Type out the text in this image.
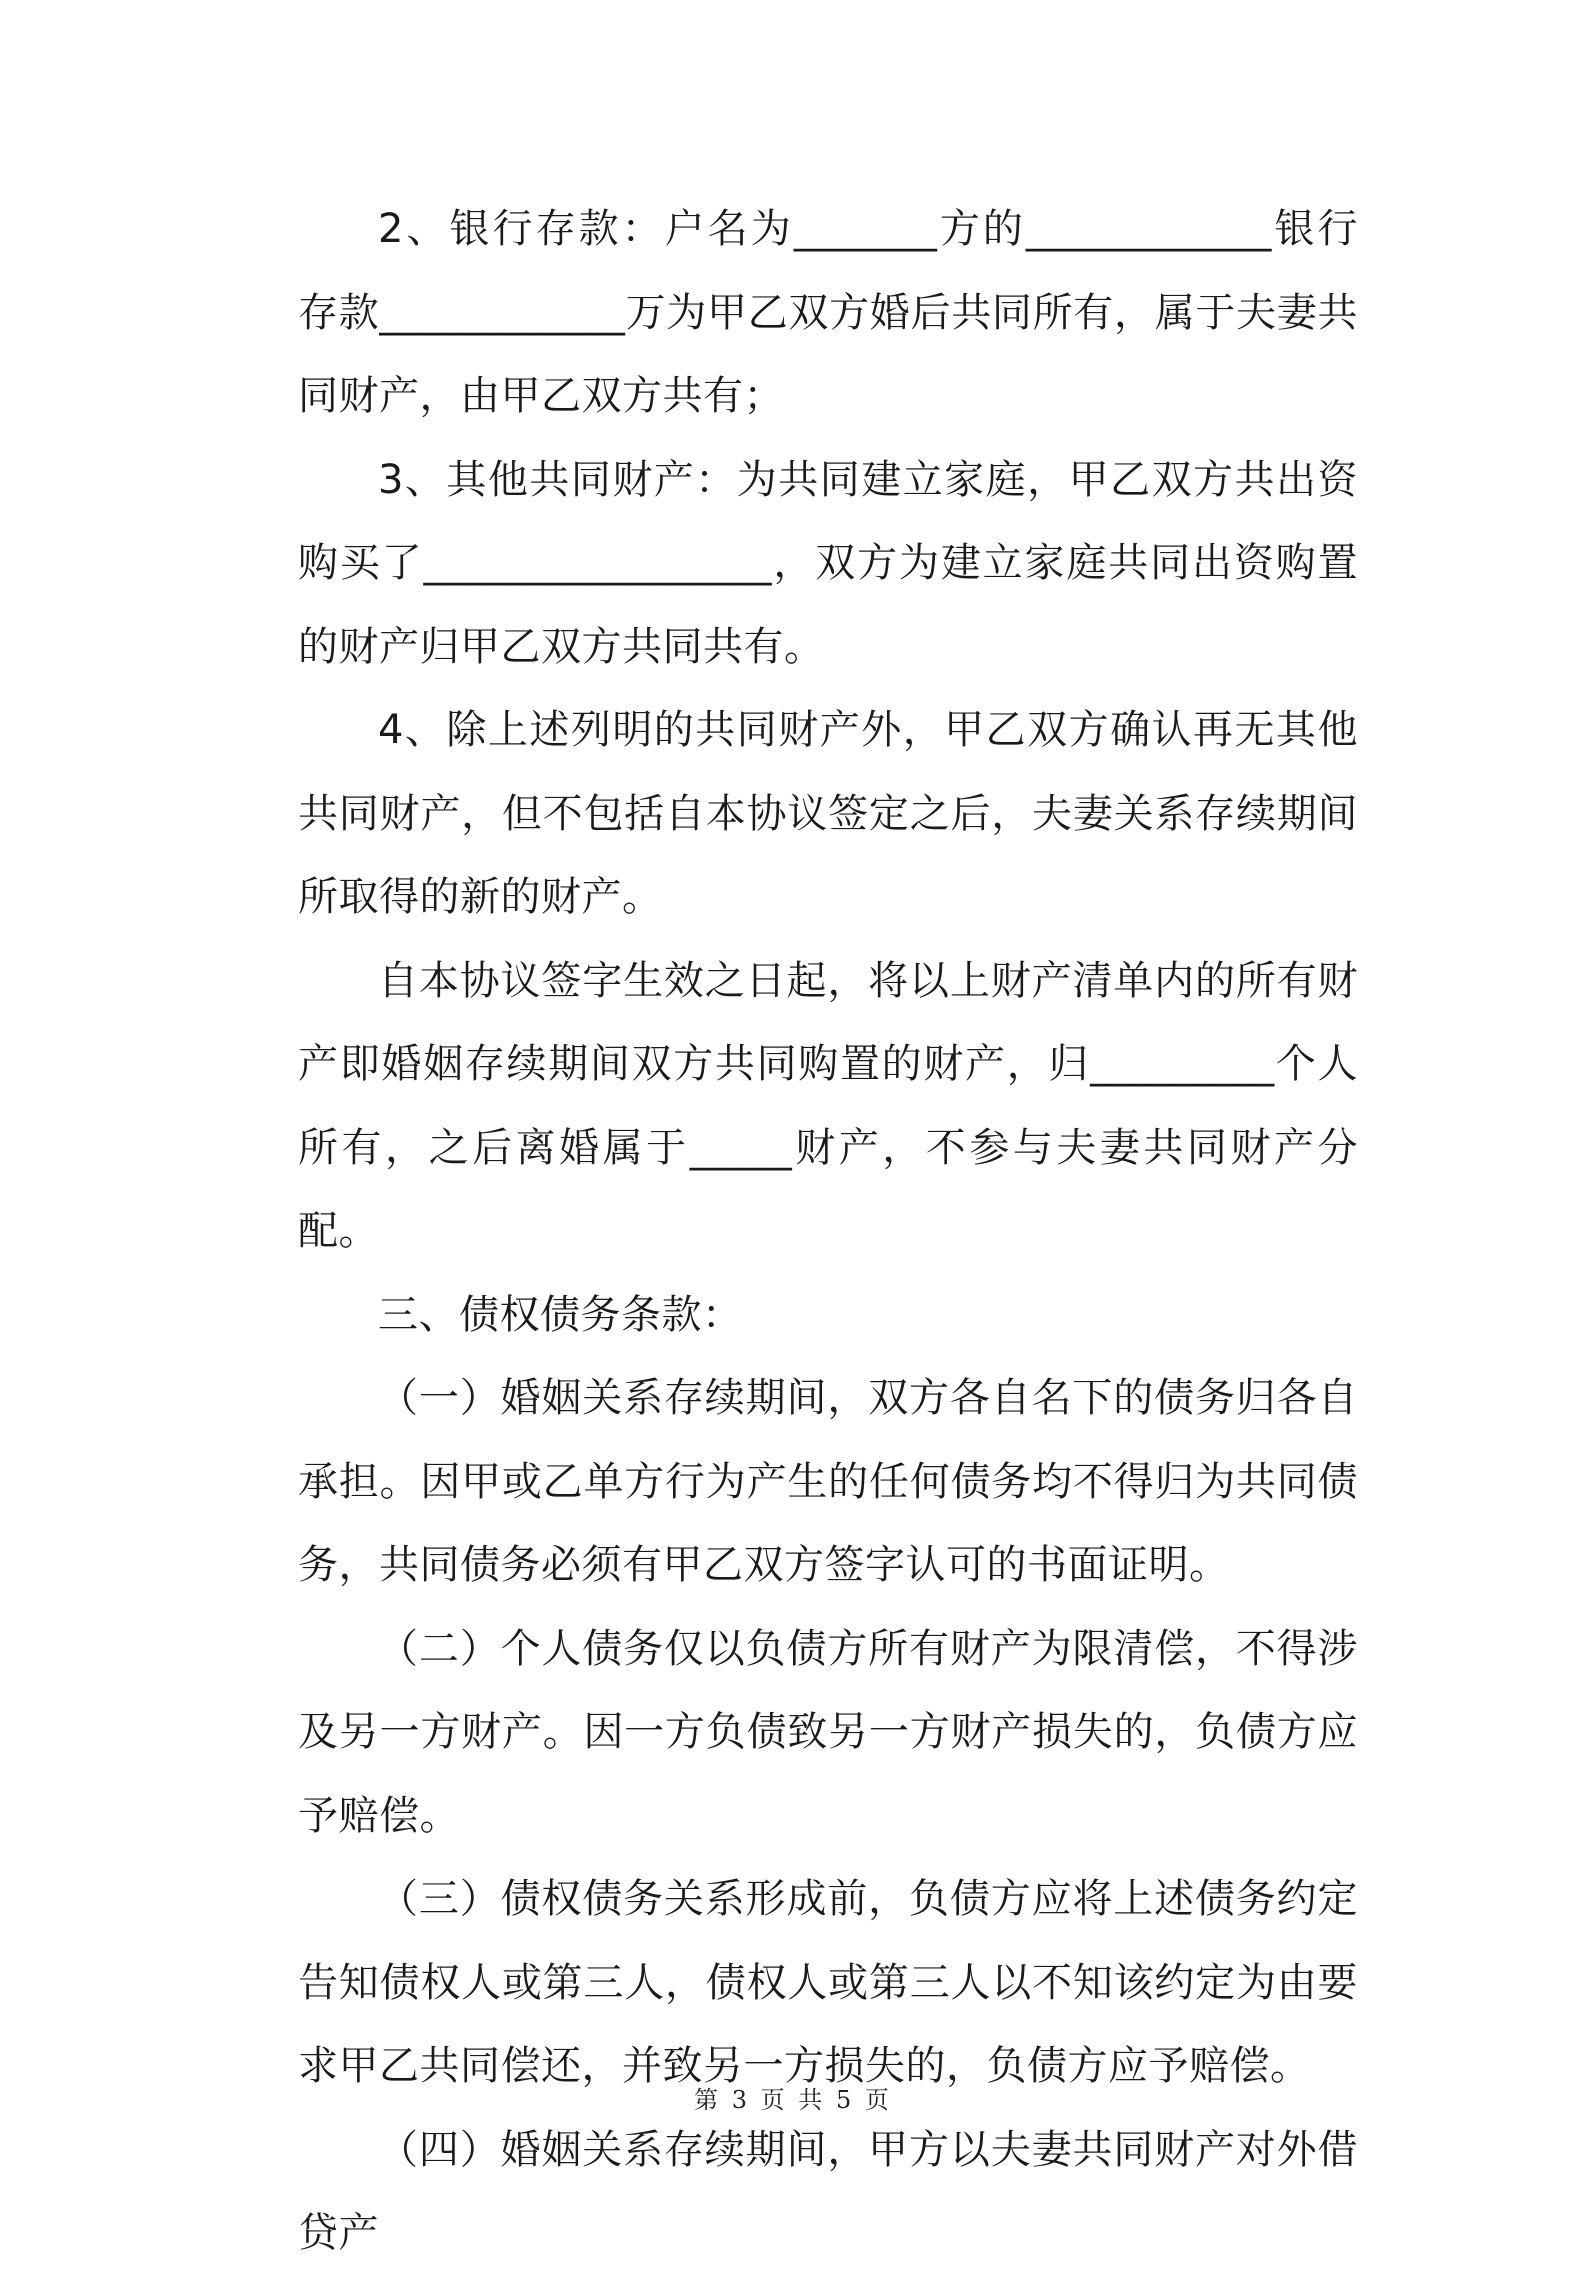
2、银行存款：户名为_______方的____________银行存款____________万为甲乙双方婚后共同所有，属于夫妻共同财产，由甲乙双方共有；

3、其他共同财产：为共同建立家庭，甲乙双方共出资购买了_________________，双方为建立家庭共同出资购置的财产归甲乙双方共同共有。

4、除上述列明的共同财产外，甲乙双方确认再无其他共同财产，但不包括自本协议签定之后，夫妻关系存续期间所取得的新的财产。

自本协议签字生效之日起，将以上财产清单内的所有财产即婚姻存续期间双方共同购置的财产，归_________个人所有，之后离婚属于_____财产，不参与夫妻共同财产分配。

三、债权债务条款：

（一）婚姻关系存续期间，双方各自名下的债务归各自承担。因甲或乙单方行为产生的任何债务均不得归为共同债务，共同债务必须有甲乙双方签字认可的书面证明。

（二）个人债务仅以负债方所有财产为限清偿，不得涉及另一方财产。因一方负债致另一方财产损失的，负债方应予赔偿。

（三）债权债务关系形成前，负债方应将上述债务约定告知债权人或第三人，债权人或第三人以不知该约定为由要求甲乙共同偿还，并致另一方损失的，负债方应予赔偿。

（四）婚姻关系存续期间，甲方以夫妻共同财产对外借贷产

第 3 页 共 5 页
